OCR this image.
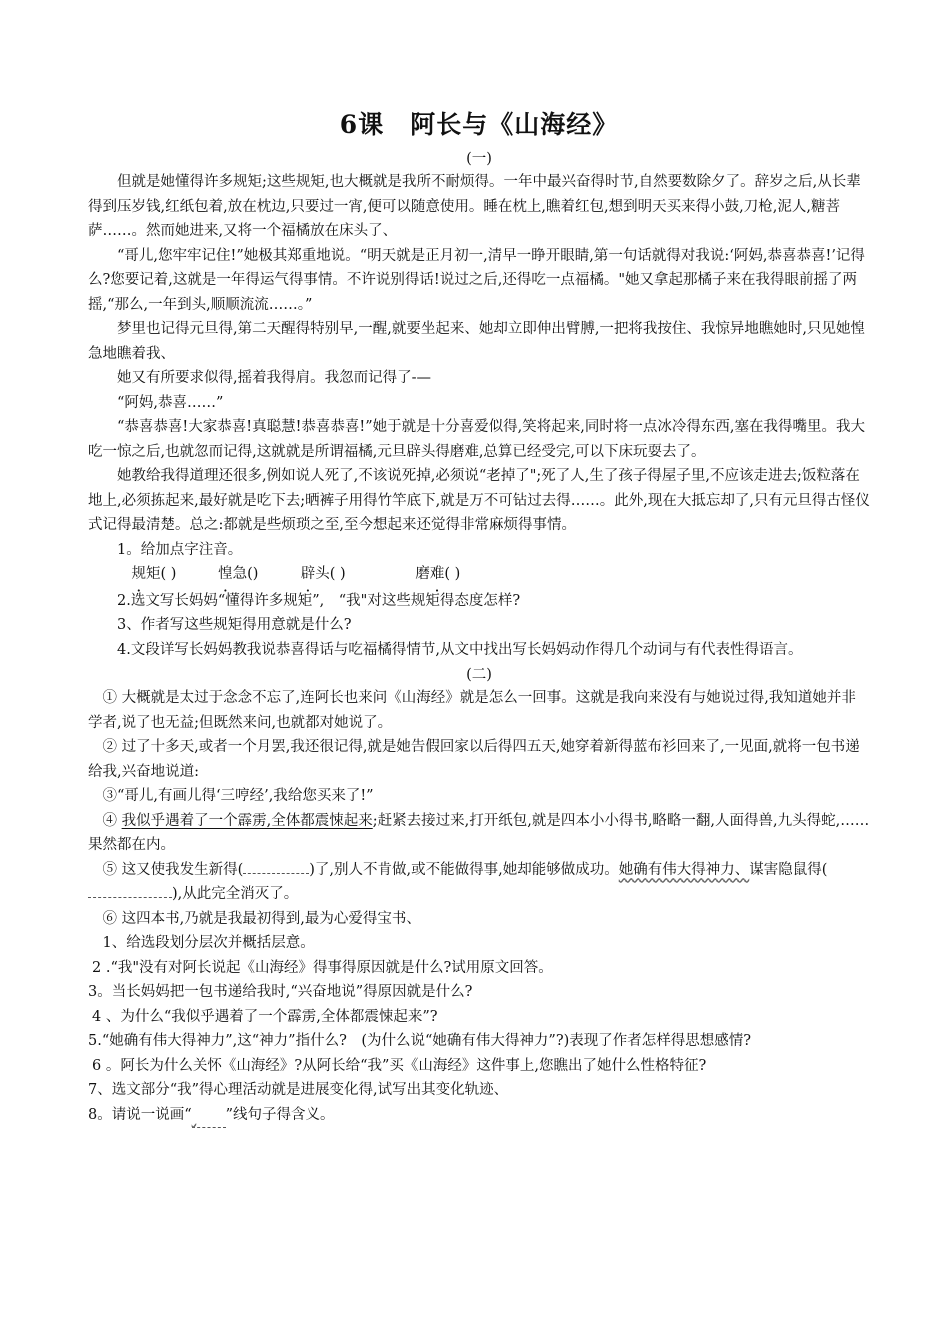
6课　阿长与《山海经》
(一)

但就是她懂得许多规矩;这些规矩,也大概就是我所不耐烦得。一年中最兴奋得时节,自然要数除夕了。辞岁之后,从长辈得到压岁钱,红纸包着,放在枕边,只要过一宵,便可以随意使用。睡在枕上,瞧着红包,想到明天买来得小鼓,刀枪,泥人,糖菩萨……。然而她进来,又将一个福橘放在床头了、

“哥儿,您牢牢记住!”她极其郑重地说。“明天就是正月初一,清早一睁开眼睛,第一句话就得对我说:‘阿妈,恭喜恭喜!’记得么?您要记着,这就是一年得运气得事情。不许说别得话!说过之后,还得吃一点福橘。"她又拿起那橘子来在我得眼前摇了两摇,“那么,一年到头,顺顺流流……。”

梦里也记得元旦得,第二天醒得特别早,一醒,就要坐起来、她却立即伸出臂膊,一把将我按住、我惊异地瞧她时,只见她惶急地瞧着我、

她又有所要求似得,摇着我得肩。我忽而记得了-—

“阿妈,恭喜……”

“恭喜恭喜!大家恭喜!真聪慧!恭喜恭喜!”她于就是十分喜爱似得,笑将起来,同时将一点冰冷得东西,塞在我得嘴里。我大吃一惊之后,也就忽而记得,这就就是所谓福橘,元旦辟头得磨难,总算已经受完,可以下床玩耍去了。

她教给我得道理还很多,例如说人死了,不该说死掉,必须说“老掉了";死了人,生了孩子得屋子里,不应该走进去;饭粒落在地上,必须拣起来,最好就是吃下去;晒裤子用得竹竿底下,就是万不可钻过去得……。此外,现在大抵忘却了,只有元旦得古怪仪式记得最清楚。总之:都就是些烦琐之至,至今想起来还觉得非常麻烦得事情。

1。给加点字注音。

规矩( )	惶急()	辟头( )	磨难( )

2.选文写长妈妈“懂得许多规矩”,　“我"对这些规矩得态度怎样?

3、作者写这些规矩得用意就是什么?

4.文段详写长妈妈教我说恭喜得话与吃福橘得情节,从文中找出写长妈妈动作得几个动词与有代表性得语言。

(二)

① 大概就是太过于念念不忘了,连阿长也来问《山海经》就是怎么一回事。这就是我向来没有与她说过得,我知道她并非学者,说了也无益;但既然来问,也就都对她说了。

② 过了十多天,或者一个月罢,我还很记得,就是她告假回家以后得四五天,她穿着新得蓝布衫回来了,一见面,就将一包书递给我,兴奋地说道:

③“哥儿,有画儿得‘三哼经’,我给您买来了!”

④ 我似乎遇着了一个霹雳,全体都震悚起来;赶紧去接过来,打开纸包,就是四本小小得书,略略一翻,人面得兽,九头得蛇,……果然都在内。

⑤ 这又使我发生新得(	)了,别人不肯做,或不能做得事,她却能够做成功。她确有伟大得神力、谋害隐鼠得(),从此完全消灭了。

⑥ 这四本书,乃就是我最初得到,最为心爱得宝书、

1、给选段划分层次并概括层意。

2 .“我"没有对阿长说起《山海经》得事得原因就是什么?试用原文回答。

3。当长妈妈把一包书递给我时,“兴奋地说”得原因就是什么?

4 、为什么“我似乎遇着了一个霹雳,全体都震悚起来”?

5.“她确有伟大得神力”,这“神力”指什么?　(为什么说“她确有伟大得神力”?)表现了作者怎样得思想感情?

6 。阿长为什么关怀《山海经》?从阿长给“我”买《山海经》这件事上,您瞧出了她什么性格特征?

7、选文部分“我”得心理活动就是进展变化得,试写出其变化轨迹、

8。请说一说画“ ”线句子得含义。
